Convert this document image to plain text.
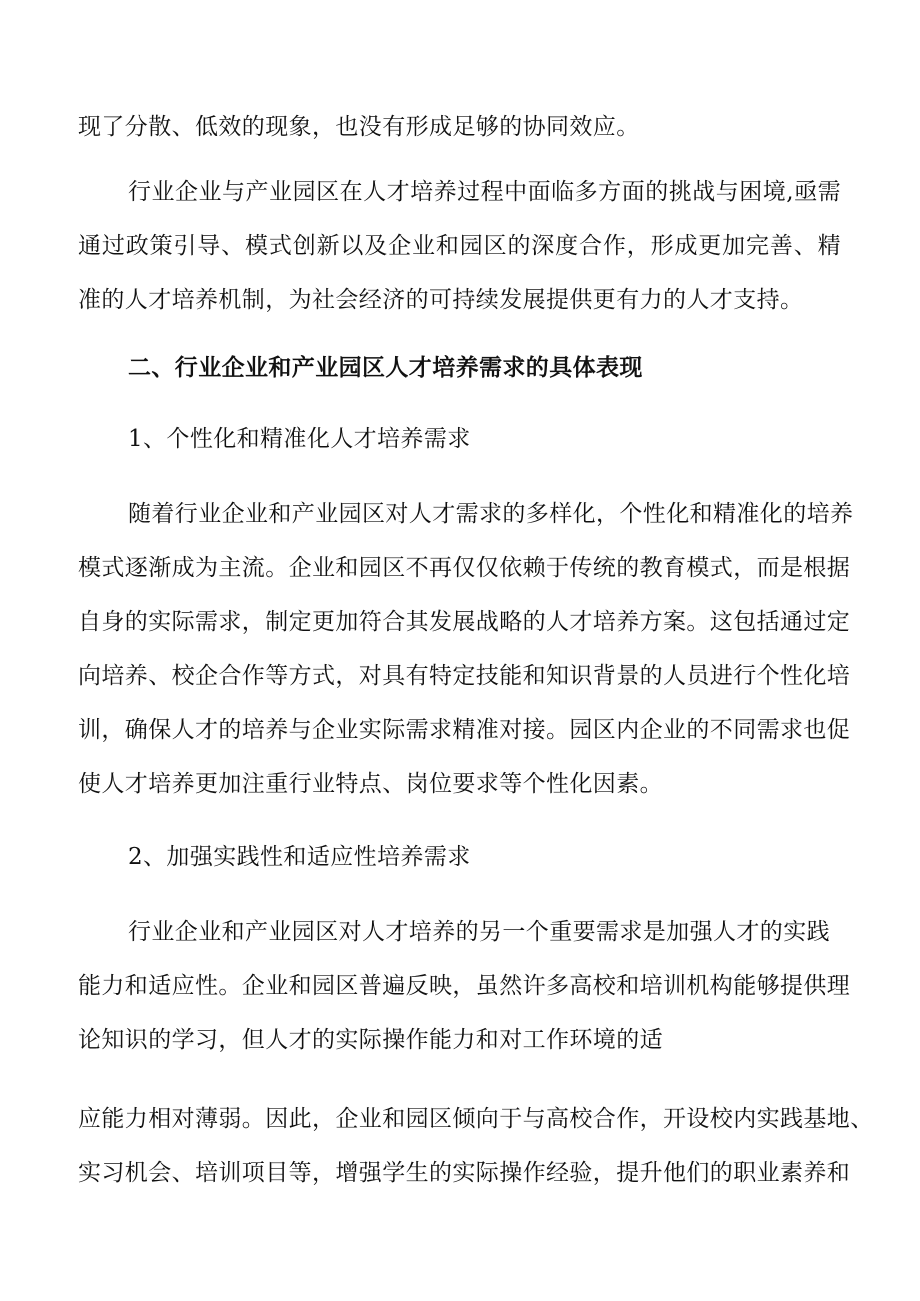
现了分散、低效的现象，也没有形成足够的协同效应。
行业企业与产业园区在人才培养过程中面临多方面的挑战与困境,亟需
通过政策引导、模式创新以及企业和园区的深度合作，形成更加完善、精
准的人才培养机制，为社会经济的可持续发展提供更有力的人才支持。
二、行业企业和产业园区人才培养需求的具体表现
1、个性化和精准化人才培养需求
随着行业企业和产业园区对人才需求的多样化，个性化和精准化的培养
模式逐渐成为主流。企业和园区不再仅仅依赖于传统的教育模式，而是根据
自身的实际需求，制定更加符合其发展战略的人才培养方案。这包括通过定
向培养、校企合作等方式，对具有特定技能和知识背景的人员进行个性化培
训，确保人才的培养与企业实际需求精准对接。园区内企业的不同需求也促
使人才培养更加注重行业特点、岗位要求等个性化因素。
2、加强实践性和适应性培养需求
行业企业和产业园区对人才培养的另一个重要需求是加强人才的实践
能力和适应性。企业和园区普遍反映，虽然许多高校和培训机构能够提供理
论知识的学习，但人才的实际操作能力和对工作环境的适
应能力相对薄弱。因此，企业和园区倾向于与高校合作，开设校内实践基地、
实习机会、培训项目等，增强学生的实际操作经验，提升他们的职业素养和
